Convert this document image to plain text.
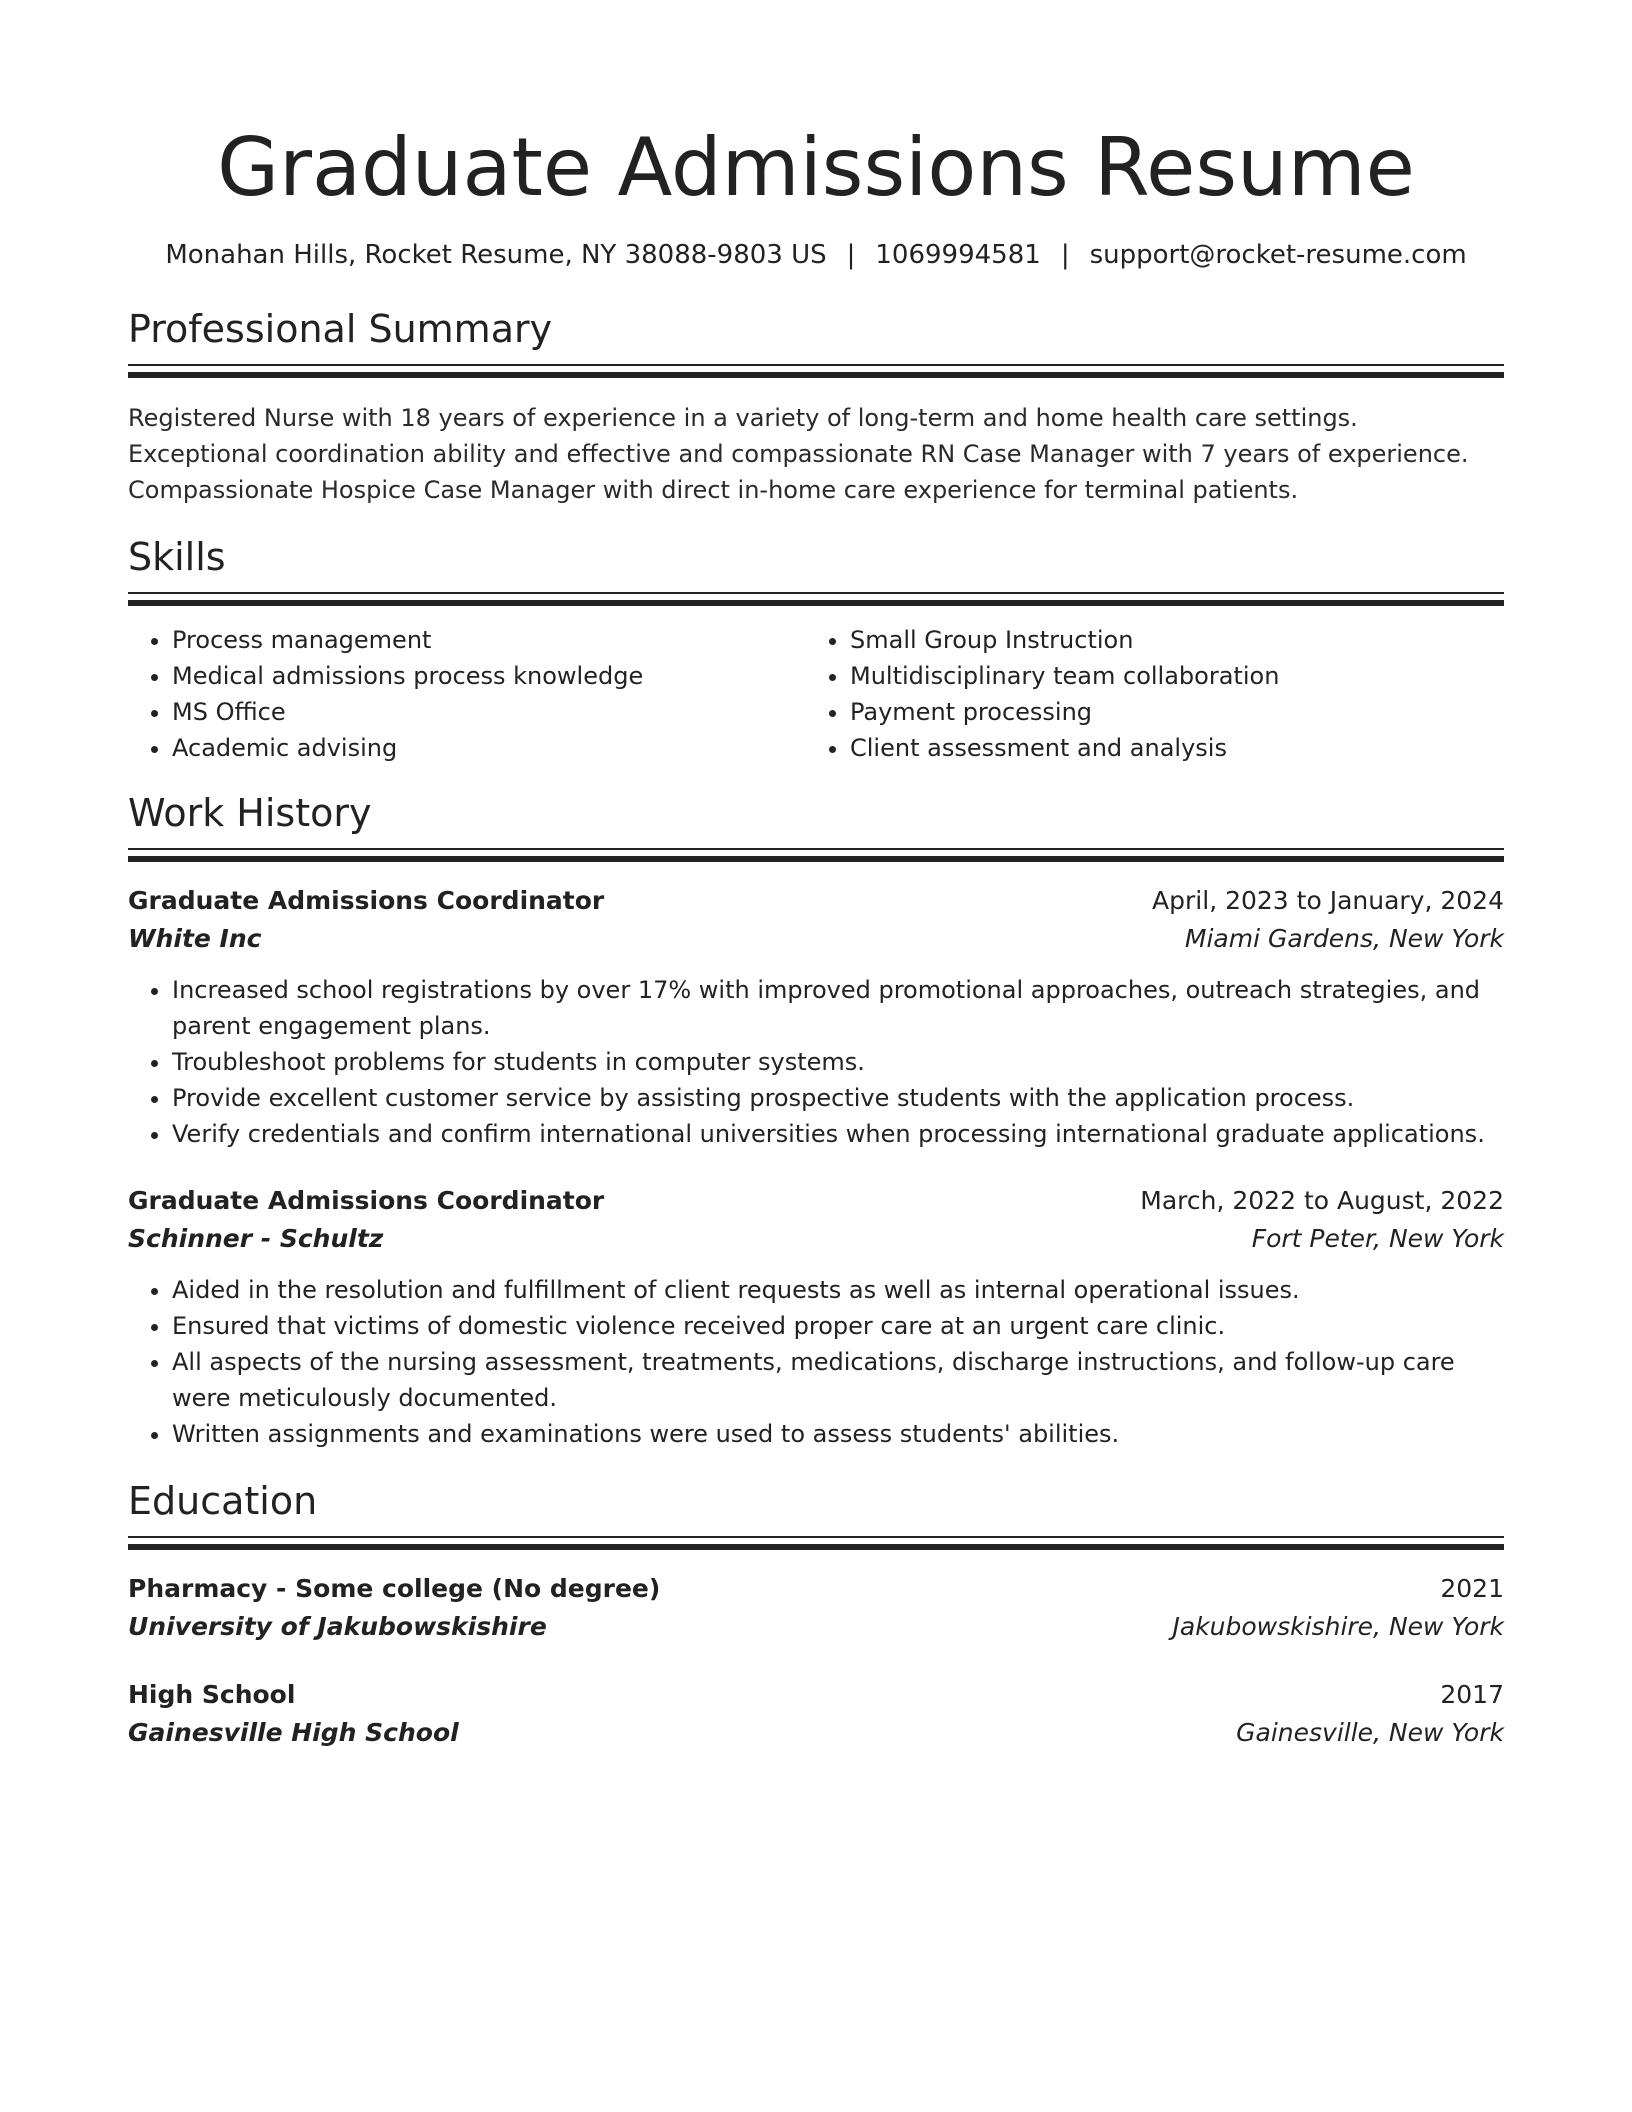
Graduate Admissions Resume
Monahan Hills, Rocket Resume, NY 38088-9803 US | 1069994581 | support@rocket-resume.com
Professional Summary
Registered Nurse with 18 years of experience in a variety of long-term and home health care settings. Exceptional coordination ability and effective and compassionate RN Case Manager with 7 years of experience. Compassionate Hospice Case Manager with direct in-home care experience for terminal patients.
Skills
• Process management
• Medical admissions process knowledge
• MS Office
• Academic advising
• Small Group Instruction
• Multidisciplinary team collaboration
• Payment processing
• Client assessment and analysis
Work History
Graduate Admissions Coordinator	April, 2023 to January, 2024
White Inc	Miami Gardens, New York
• Increased school registrations by over 17% with improved promotional approaches, outreach strategies, and parent engagement plans.
• Troubleshoot problems for students in computer systems.
• Provide excellent customer service by assisting prospective students with the application process.
• Verify credentials and confirm international universities when processing international graduate applications.
Graduate Admissions Coordinator	March, 2022 to August, 2022
Schinner - Schultz	Fort Peter, New York
• Aided in the resolution and fulfillment of client requests as well as internal operational issues.
• Ensured that victims of domestic violence received proper care at an urgent care clinic.
• All aspects of the nursing assessment, treatments, medications, discharge instructions, and follow-up care were meticulously documented.
• Written assignments and examinations were used to assess students' abilities.
Education
Pharmacy - Some college (No degree)	2021
University of Jakubowskishire	Jakubowskishire, New York
High School	2017
Gainesville High School	Gainesville, New York
